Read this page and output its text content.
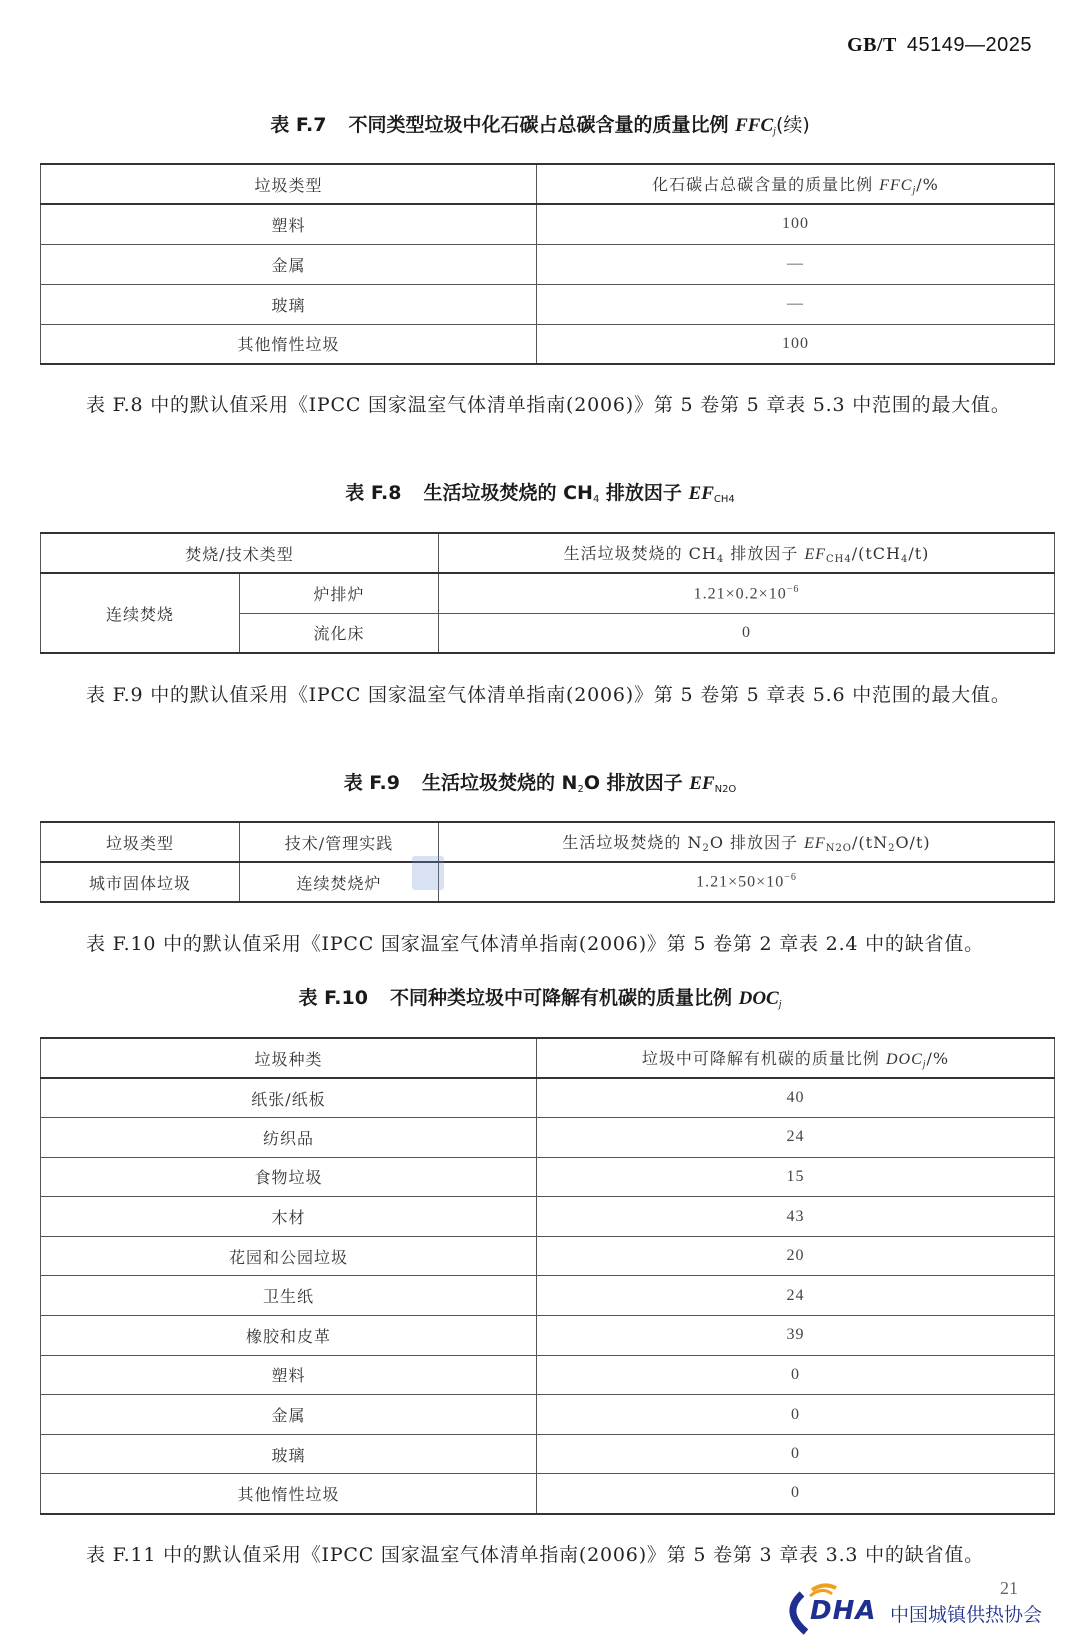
GB/T 45149—2025
表 F.7 不同类型垃圾中化石碳占总碳含量的质量比例 $FFC_j$(续)
垃圾类型	化石碳占总碳含量的质量比例 $FFC_j/\%$
塑料	100
金属	—
玻璃	—
其他惰性垃圾	100
表 F.8 中的默认值采用《IPCC 国家温室气体清单指南(2006)》第 5 卷第 5 章表 5.3 中范围的最大值。
表 F.8 生活垃圾焚烧的 $CH_4$ 排放因子 $EF_{CH4}$
焚烧/技术类型		生活垃圾焚烧的 $CH_4$ 排放因子 $EF_{CH4}/(tCH_4/t)$
连续焚烧	炉排炉	$1.21\times 0.2\times 10^{-6}$
	流化床	0
表 F.9 中的默认值采用《IPCC 国家温室气体清单指南(2006)》第 5 卷第 5 章表 5.6 中范围的最大值。
表 F.9 生活垃圾焚烧的 $N_2O$ 排放因子 $EF_{N2O}$
垃圾类型	技术/管理实践	生活垃圾焚烧的 $N_2O$ 排放因子 $EF_{N2O}/(tN_2O/t)$
城市固体垃圾	连续焚烧炉	$1.21\times 50\times 10^{-6}$
表 F.10 中的默认值采用《IPCC 国家温室气体清单指南(2006)》第 5 卷第 2 章表 2.4 中的缺省值。
表 F.10 不同种类垃圾中可降解有机碳的质量比例 $DOC_j$
垃圾种类	垃圾中可降解有机碳的质量比例 $DOC_j/\%$
纸张/纸板	40
纺织品	24
食物垃圾	15
木材	43
花园和公园垃圾	20
卫生纸	24
橡胶和皮革	39
塑料	0
金属	0
玻璃	0
其他惰性垃圾	0
表 F.11 中的默认值采用《IPCC 国家温室气体清单指南(2006)》第 5 卷第 3 章表 3.3 中的缺省值。
21
DHA 中国城镇供热协会
